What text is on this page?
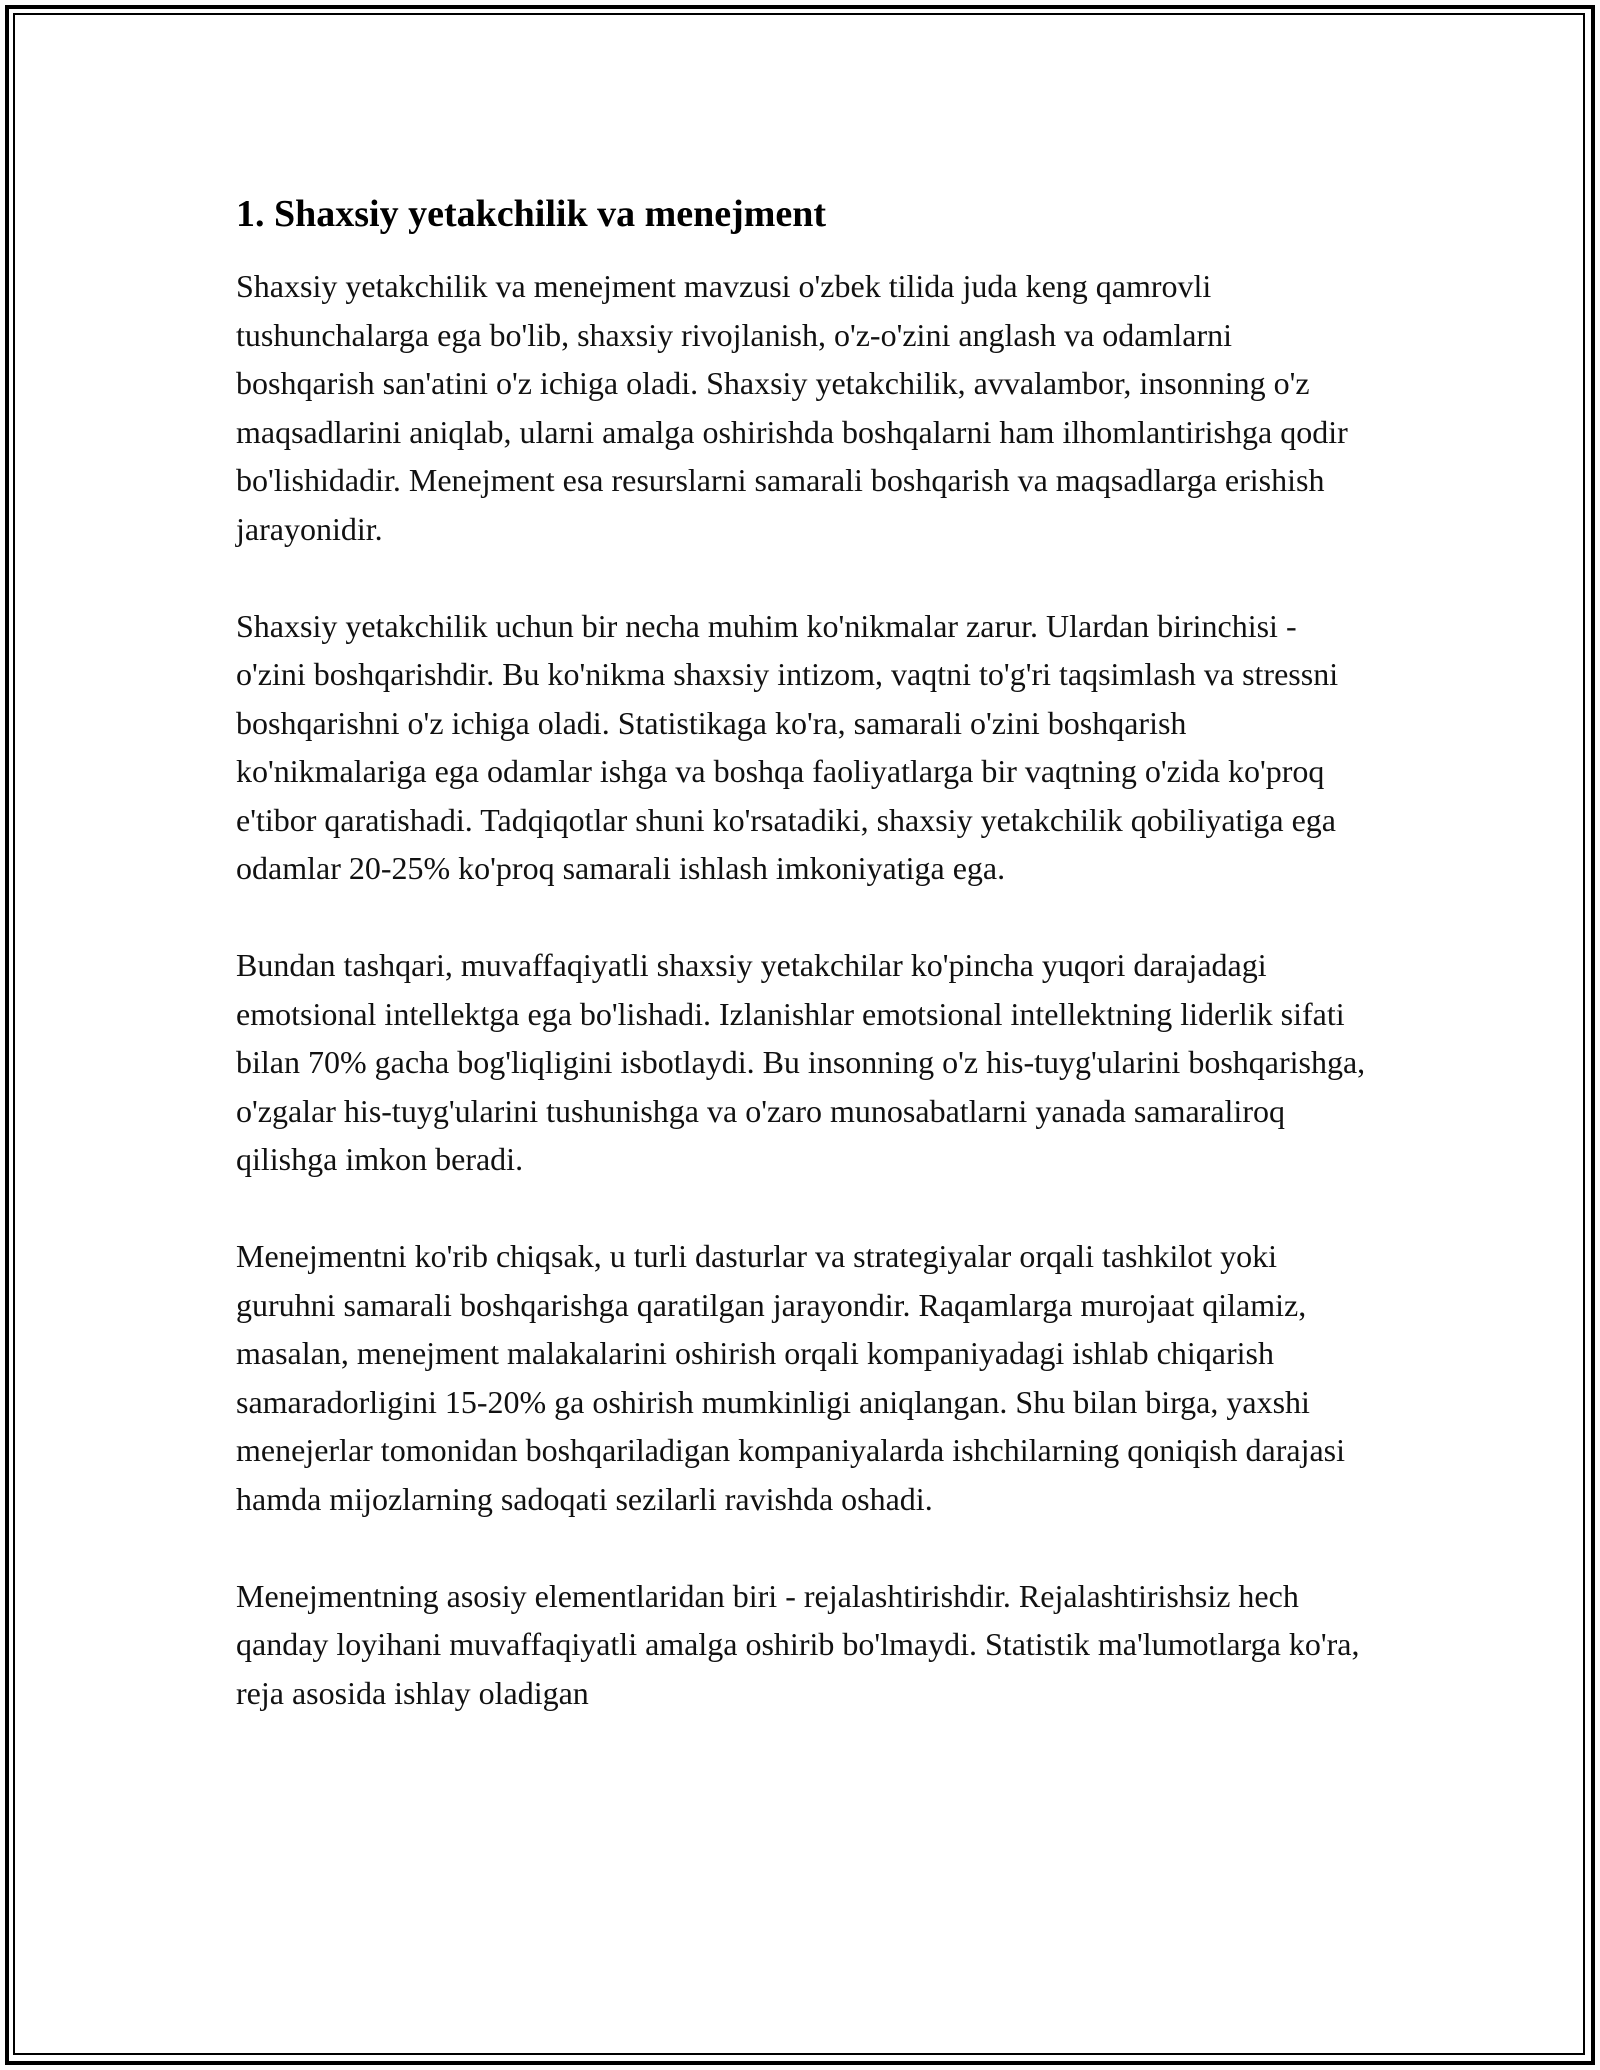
1. Shaxsiy yetakchilik va menejment

Shaxsiy yetakchilik va menejment mavzusi o'zbek tilida juda keng qamrovli tushunchalarga ega bo'lib, shaxsiy rivojlanish, o'z-o'zini anglash va odamlarni boshqarish san'atini o'z ichiga oladi. Shaxsiy yetakchilik, avvalambor, insonning o'z maqsadlarini aniqlab, ularni amalga oshirishda boshqalarni ham ilhomlantirishga qodir bo'lishidadir. Menejment esa resurslarni samarali boshqarish va maqsadlarga erishish jarayonidir.

Shaxsiy yetakchilik uchun bir necha muhim ko'nikmalar zarur. Ulardan birinchisi - o'zini boshqarishdir. Bu ko'nikma shaxsiy intizom, vaqtni to'g'ri taqsimlash va stressni boshqarishni o'z ichiga oladi. Statistikaga ko'ra, samarali o'zini boshqarish ko'nikmalariga ega odamlar ishga va boshqa faoliyatlarga bir vaqtning o'zida ko'proq e'tibor qaratishadi. Tadqiqotlar shuni ko'rsatadiki, shaxsiy yetakchilik qobiliyatiga ega odamlar 20-25% ko'proq samarali ishlash imkoniyatiga ega.

Bundan tashqari, muvaffaqiyatli shaxsiy yetakchilar ko'pincha yuqori darajadagi emotsional intellektga ega bo'lishadi. Izlanishlar emotsional intellektning liderlik sifati bilan 70% gacha bog'liqligini isbotlaydi. Bu insonning o'z his-tuyg'ularini boshqarishga, o'zgalar his-tuyg'ularini tushunishga va o'zaro munosabatlarni yanada samaraliroq qilishga imkon beradi.

Menejmentni ko'rib chiqsak, u turli dasturlar va strategiyalar orqali tashkilot yoki guruhni samarali boshqarishga qaratilgan jarayondir. Raqamlarga murojaat qilamiz, masalan, menejment malakalarini oshirish orqali kompaniyadagi ishlab chiqarish samaradorligini 15-20% ga oshirish mumkinligi aniqlangan. Shu bilan birga, yaxshi menejerlar tomonidan boshqariladigan kompaniyalarda ishchilarning qoniqish darajasi hamda mijozlarning sadoqati sezilarli ravishda oshadi.

Menejmentning asosiy elementlaridan biri - rejalashtirishdir. Rejalashtirishsiz hech qanday loyihani muvaffaqiyatli amalga oshirib bo'lmaydi. Statistik ma'lumotlarga ko'ra, reja asosida ishlay oladigan
